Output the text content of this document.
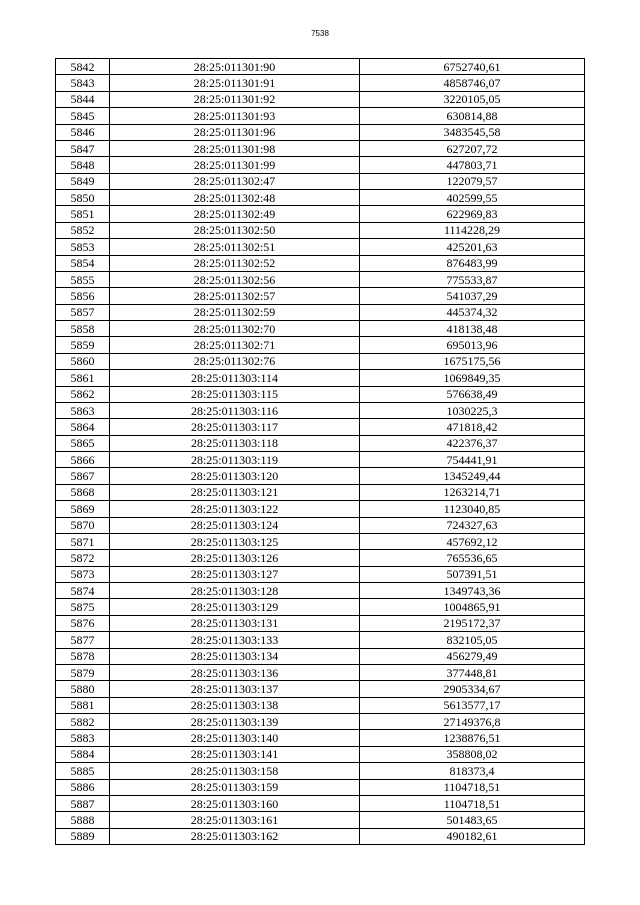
7538
5842	28:25:011301:90	6752740,61
5843	28:25:011301:91	4858746,07
5844	28:25:011301:92	3220105,05
5845	28:25:011301:93	630814,88
5846	28:25:011301:96	3483545,58
5847	28:25:011301:98	627207,72
5848	28:25:011301:99	447803,71
5849	28:25:011302:47	122079,57
5850	28:25:011302:48	402599,55
5851	28:25:011302:49	622969,83
5852	28:25:011302:50	1114228,29
5853	28:25:011302:51	425201,63
5854	28:25:011302:52	876483,99
5855	28:25:011302:56	775533,87
5856	28:25:011302:57	541037,29
5857	28:25:011302:59	445374,32
5858	28:25:011302:70	418138,48
5859	28:25:011302:71	695013,96
5860	28:25:011302:76	1675175,56
5861	28:25:011303:114	1069849,35
5862	28:25:011303:115	576638,49
5863	28:25:011303:116	1030225,3
5864	28:25:011303:117	471818,42
5865	28:25:011303:118	422376,37
5866	28:25:011303:119	754441,91
5867	28:25:011303:120	1345249,44
5868	28:25:011303:121	1263214,71
5869	28:25:011303:122	1123040,85
5870	28:25:011303:124	724327,63
5871	28:25:011303:125	457692,12
5872	28:25:011303:126	765536,65
5873	28:25:011303:127	507391,51
5874	28:25:011303:128	1349743,36
5875	28:25:011303:129	1004865,91
5876	28:25:011303:131	2195172,37
5877	28:25:011303:133	832105,05
5878	28:25:011303:134	456279,49
5879	28:25:011303:136	377448,81
5880	28:25:011303:137	2905334,67
5881	28:25:011303:138	5613577,17
5882	28:25:011303:139	27149376,8
5883	28:25:011303:140	1238876,51
5884	28:25:011303:141	358808,02
5885	28:25:011303:158	818373,4
5886	28:25:011303:159	1104718,51
5887	28:25:011303:160	1104718,51
5888	28:25:011303:161	501483,65
5889	28:25:011303:162	490182,61
